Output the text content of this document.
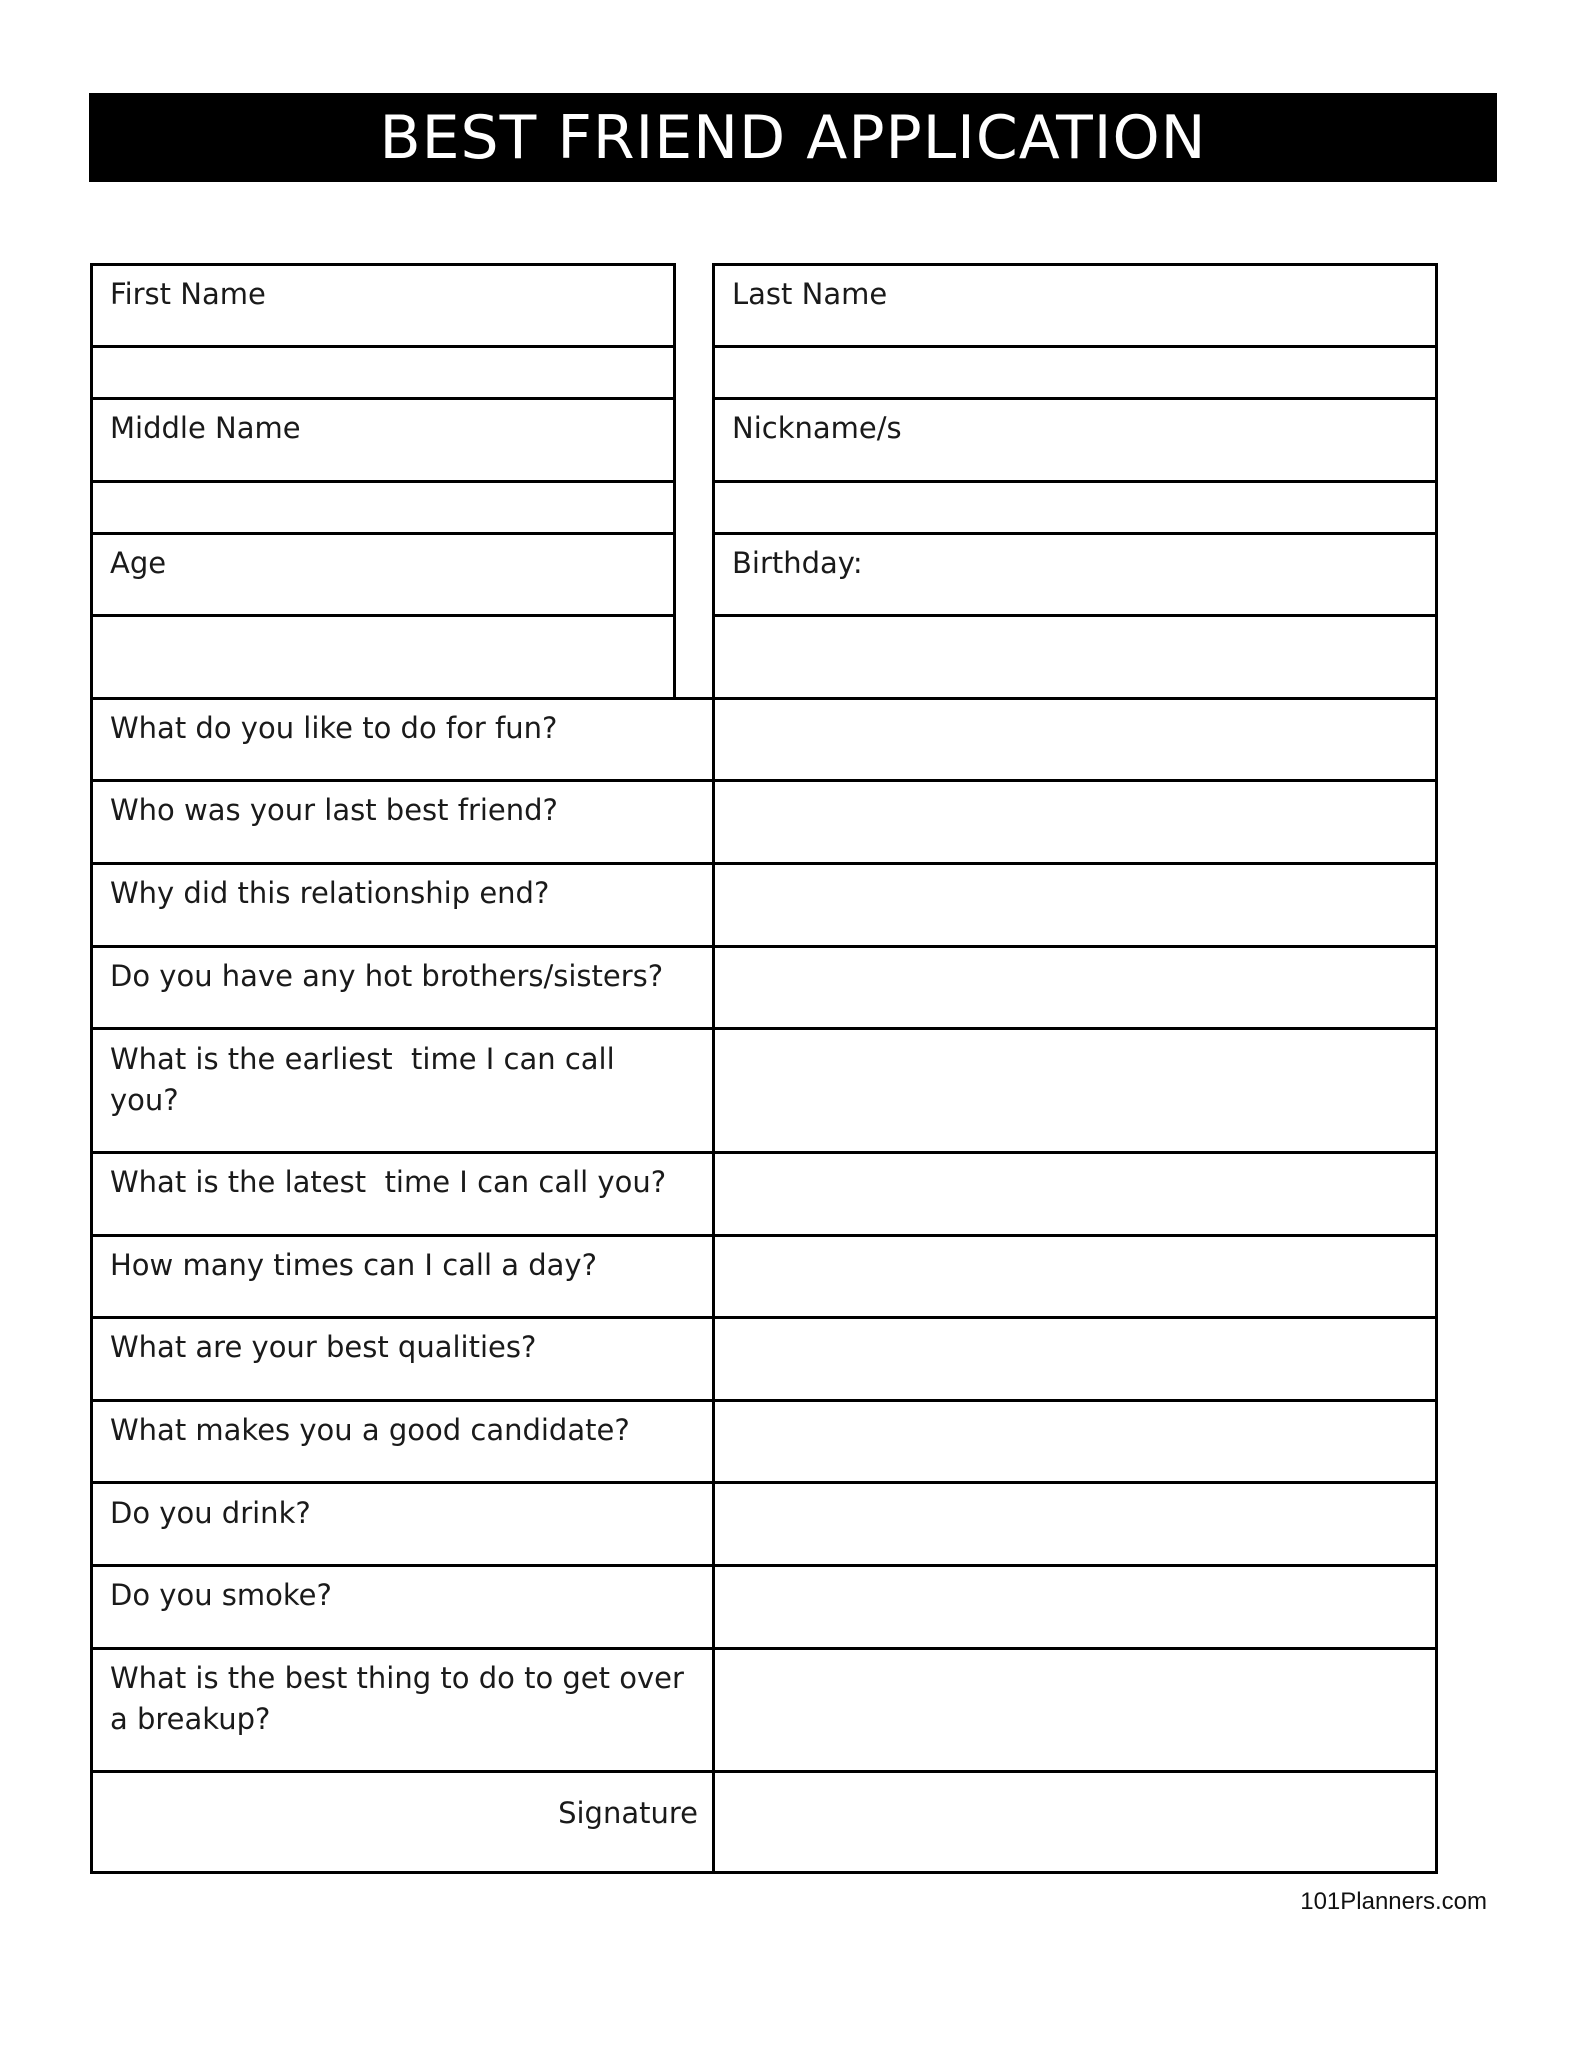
BEST FRIEND APPLICATION
First Name	Last Name
Middle Name	Nickname/s
Age	Birthday:
What do you like to do for fun?
Who was your last best friend?
Why did this relationship end?
Do you have any hot brothers/sisters?
What is the earliest  time I can call you?
What is the latest  time I can call you?
How many times can I call a day?
What are your best qualities?
What makes you a good candidate?
Do you drink?
Do you smoke?
What is the best thing to do to get over a breakup?
Signature
101Planners.com
